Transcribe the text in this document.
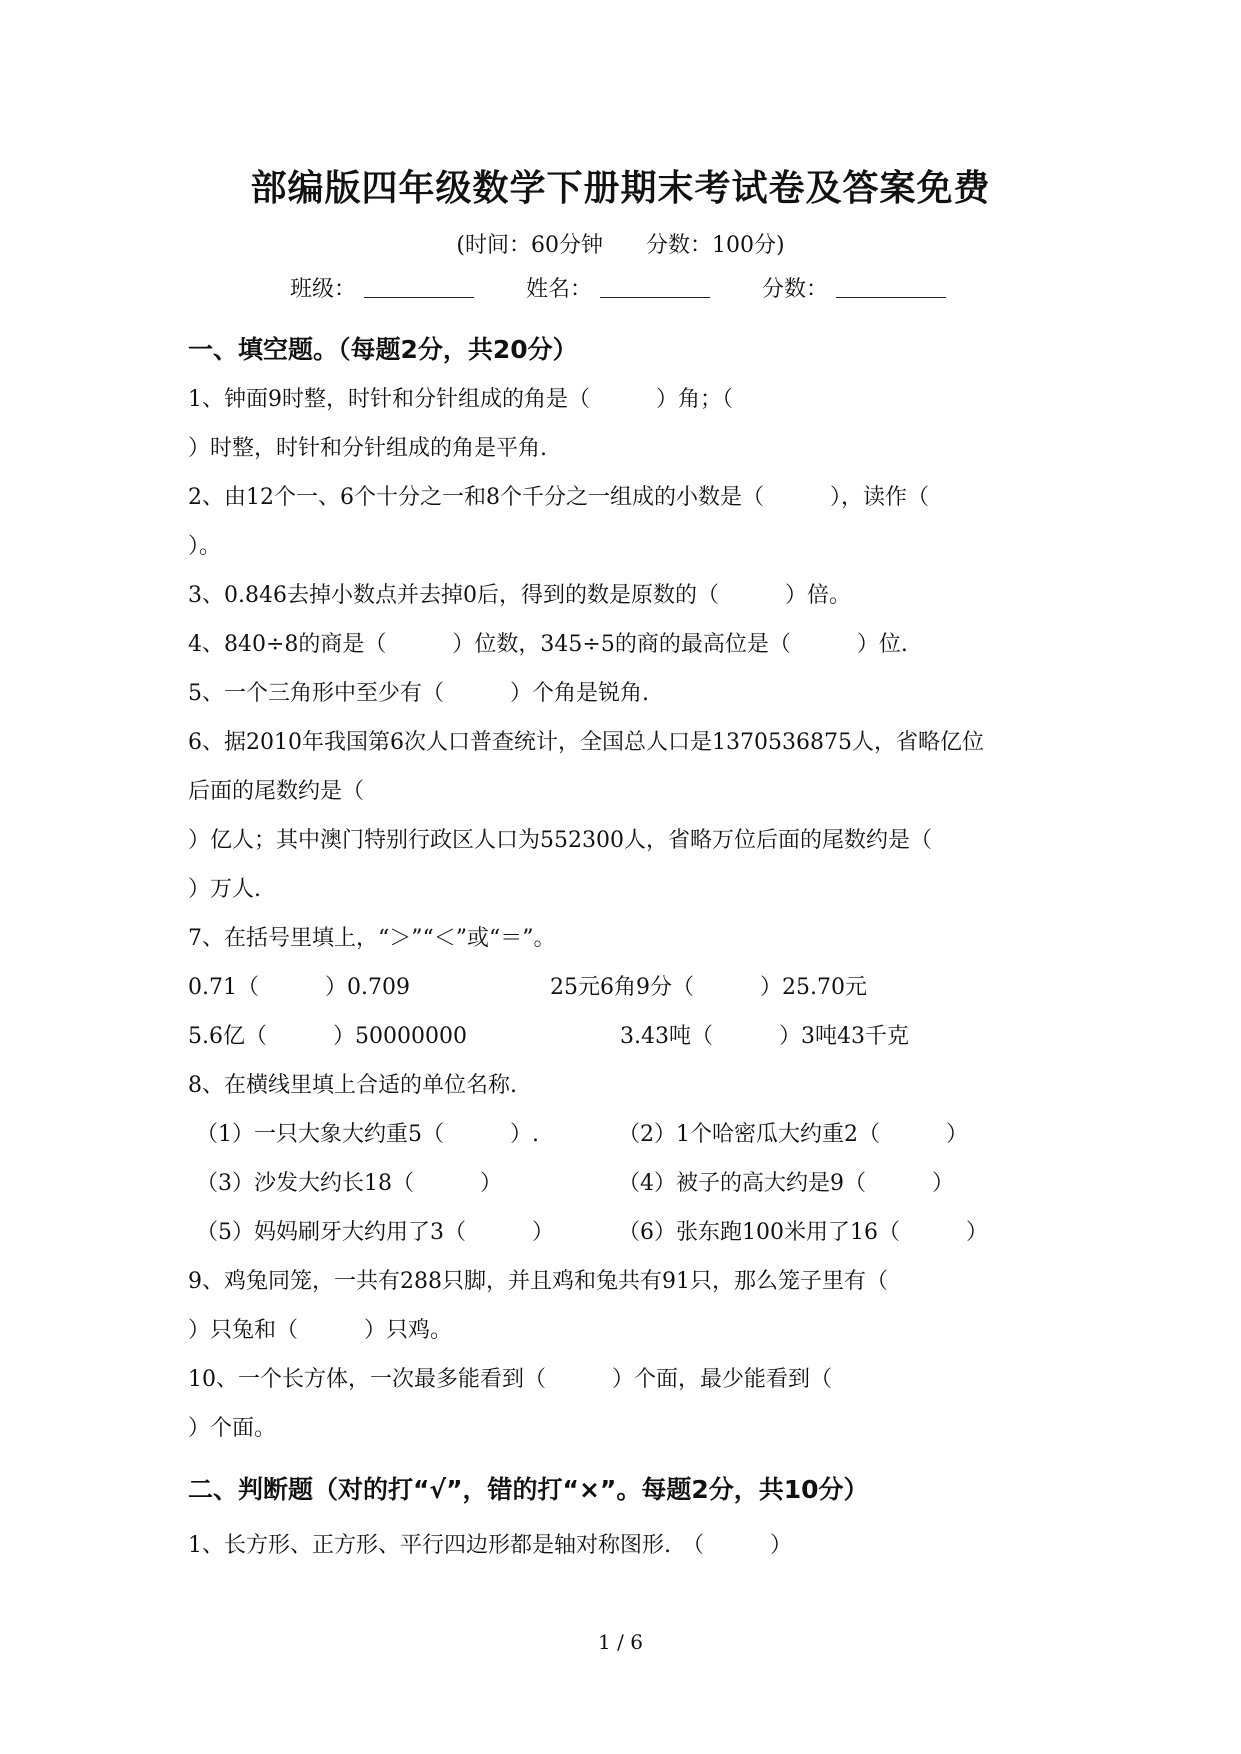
部编版四年级数学下册期末考试卷及答案免费
(时间：60分钟 分数：100分)
班级：	姓名：	分数：
一、填空题。（每题2分，共20分）
1、钟面9时整，时针和分针组成的角是（　　　）角；（
）时整，时针和分针组成的角是平角.
2、由12个一、6个十分之一和8个千分之一组成的小数是（　　　），读作（
）。
3、0.846去掉小数点并去掉0后，得到的数是原数的（　　　）倍。
4、840÷8的商是（　　　）位数，345÷5的商的最高位是（　　　）位.
5、一个三角形中至少有（　　　）个角是锐角.
6、据2010年我国第6次人口普查统计，全国总人口是1370536875人，省略亿位
后面的尾数约是（
）亿人；其中澳门特别行政区人口为552300人，省略万位后面的尾数约是（
）万人.
7、在括号里填上，“＞”“＜”或“＝”。
0.71（　　　）0.709	25元6角9分（　　　）25.70元
5.6亿（　　　）50000000	3.43吨（　　　）3吨43千克
8、在横线里填上合适的单位名称.
（1）一只大象大约重5（　　　）.	（2）1个哈密瓜大约重2（　　　）
（3）沙发大约长18（　　　）	（4）被子的高大约是9（　　　）
（5）妈妈刷牙大约用了3（　　　）	（6）张东跑100米用了16（　　　）
9、鸡兔同笼，一共有288只脚，并且鸡和兔共有91只，那么笼子里有（
）只兔和（　　　）只鸡。
10、一个长方体，一次最多能看到（　　　）个面，最少能看到（
）个面。
二、判断题（对的打“√”，错的打“×”。每题2分，共10分）
1、长方形、正方形、平行四边形都是轴对称图形.　（　　　）
1 / 6
